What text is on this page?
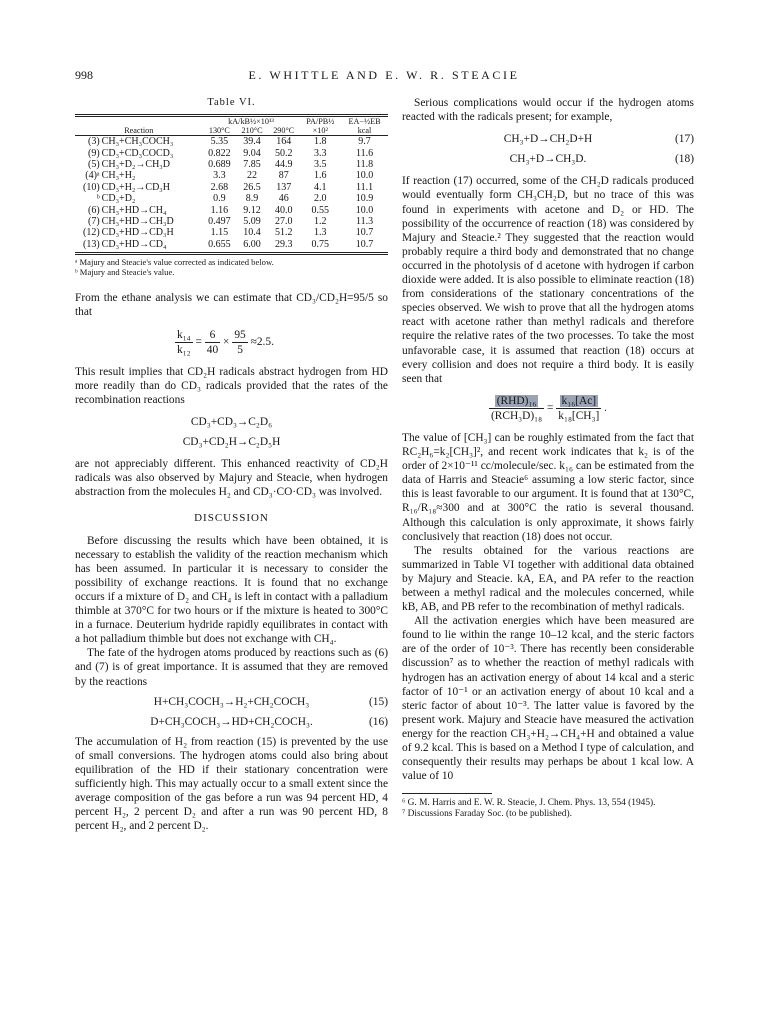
998	E. WHITTLE AND E. W. R. STEACIE
Table VI.
		kA/kB½×10¹³			PA/PB½	EA−½EB
Reaction		130°C	210°C	290°C	×10²	kcal

(3)	CH₃+CH₃COCH₃	5.35	39.4	164	1.8	9.7
(9)	CD₃+CD₃COCD₃	0.822	9.04	50.2	3.3	11.6
(5)	CH₃+D₂→CH₃D	0.689	7.85	44.9	3.5	11.8
(4)ᵃ	CH₃+H₂	3.3	22	87	1.6	10.0
(10)	CD₃+H₂→CD₃H	2.68	26.5	137	4.1	11.1
ᵇ	CD₃+D₂	0.9	8.9	46	2.0	10.9
(6)	CH₃+HD→CH₄	1.16	9.12	40.0	0.55	10.0
(7)	CH₃+HD→CH₃D	0.497	5.09	27.0	1.2	11.3
(12)	CD₃+HD→CD₃H	1.15	10.4	51.2	1.3	10.7
(13)	CD₃+HD→CD₄	0.655	6.00	29.3	0.75	10.7
ᵃ Majury and Steacie's value corrected as indicated below.
ᵇ Majury and Steacie's value.

From the ethane analysis we can estimate that CD₃/CD₂H=95/5 so that

$\frac{\text{k₁₄}}{\text{k₁₂}} = \frac{6}{40} \times \frac{95}{5} \approx 2.5$.

This result implies that CD₂H radicals abstract hydrogen from HD more readily than do CD₃ radicals provided that the rates of the recombination reactions

CD₃+CD₃→C₂D₆
CD₃+CD₂H→C₂D₅H

are not appreciably different. This enhanced reactivity of CD₂H radicals was also observed by Majury and Steacie, when hydrogen abstraction from the molecules H₂ and CD₃·CO·CD₃ was involved.

DISCUSSION

Before discussing the results which have been obtained, it is necessary to establish the validity of the reaction mechanism which has been assumed. In particular it is necessary to consider the possibility of exchange reactions. It is found that no exchange occurs if a mixture of D₂ and CH₄ is left in contact with a palladium thimble at 370°C for two hours or if the mixture is heated to 300°C in a furnace. Deuterium hydride rapidly equilibrates in contact with a hot palladium thimble but does not exchange with CH₄.

The fate of the hydrogen atoms produced by reactions such as (6) and (7) is of great importance. It is assumed that they are removed by the reactions

H+CH₃COCH₃→H₂+CH₂COCH₃	(15)
D+CH₃COCH₃→HD+CH₂COCH₃.	(16)

The accumulation of H₂ from reaction (15) is prevented by the use of small conversions. The hydrogen atoms could also bring about equilibration of the HD if their stationary concentration were sufficiently high. This may actually occur to a small extent since the average composition of the gas before a run was 94 percent HD, 4 percent H₂, 2 percent D₂ and after a run was 90 percent HD, 8 percent H₂, and 2 percent D₂.

Serious complications would occur if the hydrogen atoms reacted with the radicals present; for example,

CH₃+D→CH₂D+H	(17)
CH₃+D→CH₃D.	(18)

If reaction (17) occurred, some of the CH₂D radicals produced would eventually form CH₃CH₂D, but no trace of this was found in experiments with acetone and D₂ or HD. The possibility of the occurrence of reaction (18) was considered by Majury and Steacie.² They suggested that the reaction would probably require a third body and demonstrated that no change occurred in the photolysis of d acetone with hydrogen if carbon dioxide were added. It is also possible to eliminate reaction (18) from considerations of the stationary concentrations of the species observed. We wish to prove that all the hydrogen atoms react with acetone rather than methyl radicals and therefore require the relative rates of the two processes. To take the most unfavorable case, it is assumed that reaction (18) occurs at every collision and does not require a third body. It is easily seen that

$\frac{\text{(RHD)₁₆}}{\text{(RCH₃D)₁₈}} = \frac{\text{k₁₆[Ac]}}{\text{k₁₈[CH₃]}}$ .

The value of [CH₃] can be roughly estimated from the fact that RC₂H₆=k₂[CH₃]², and recent work indicates that k₂ is of the order of 2×10⁻¹¹ cc/molecule/sec. k₁₆ can be estimated from the data of Harris and Steacie⁶ assuming a low steric factor, since this is least favorable to our argument. It is found that at 130°C, R₁₆/R₁₈≈300 and at 300°C the ratio is several thousand. Although this calculation is only approximate, it shows fairly conclusively that reaction (18) does not occur.

The results obtained for the various reactions are summarized in Table VI together with additional data obtained by Majury and Steacie. kA, EA, and PA refer to the reaction between a methyl radical and the molecules concerned, while kB, AB, and PB refer to the recombination of methyl radicals.

All the activation energies which have been measured are found to lie within the range 10–12 kcal, and the steric factors are of the order of 10⁻³. There has recently been considerable discussion⁷ as to whether the reaction of methyl radicals with hydrogen has an activation energy of about 14 kcal and a steric factor of 10⁻¹ or an activation energy of about 10 kcal and a steric factor of about 10⁻³. The latter value is favored by the present work. Majury and Steacie have measured the activation energy for the reaction CH₃+H₂→CH₄+H and obtained a value of 9.2 kcal. This is based on a Method I type of calculation, and consequently their results may perhaps be about 1 kcal low. A value of 10

⁶ G. M. Harris and E. W. R. Steacie, J. Chem. Phys. 13, 554 (1945).
⁷ Discussions Faraday Soc. (to be published).
